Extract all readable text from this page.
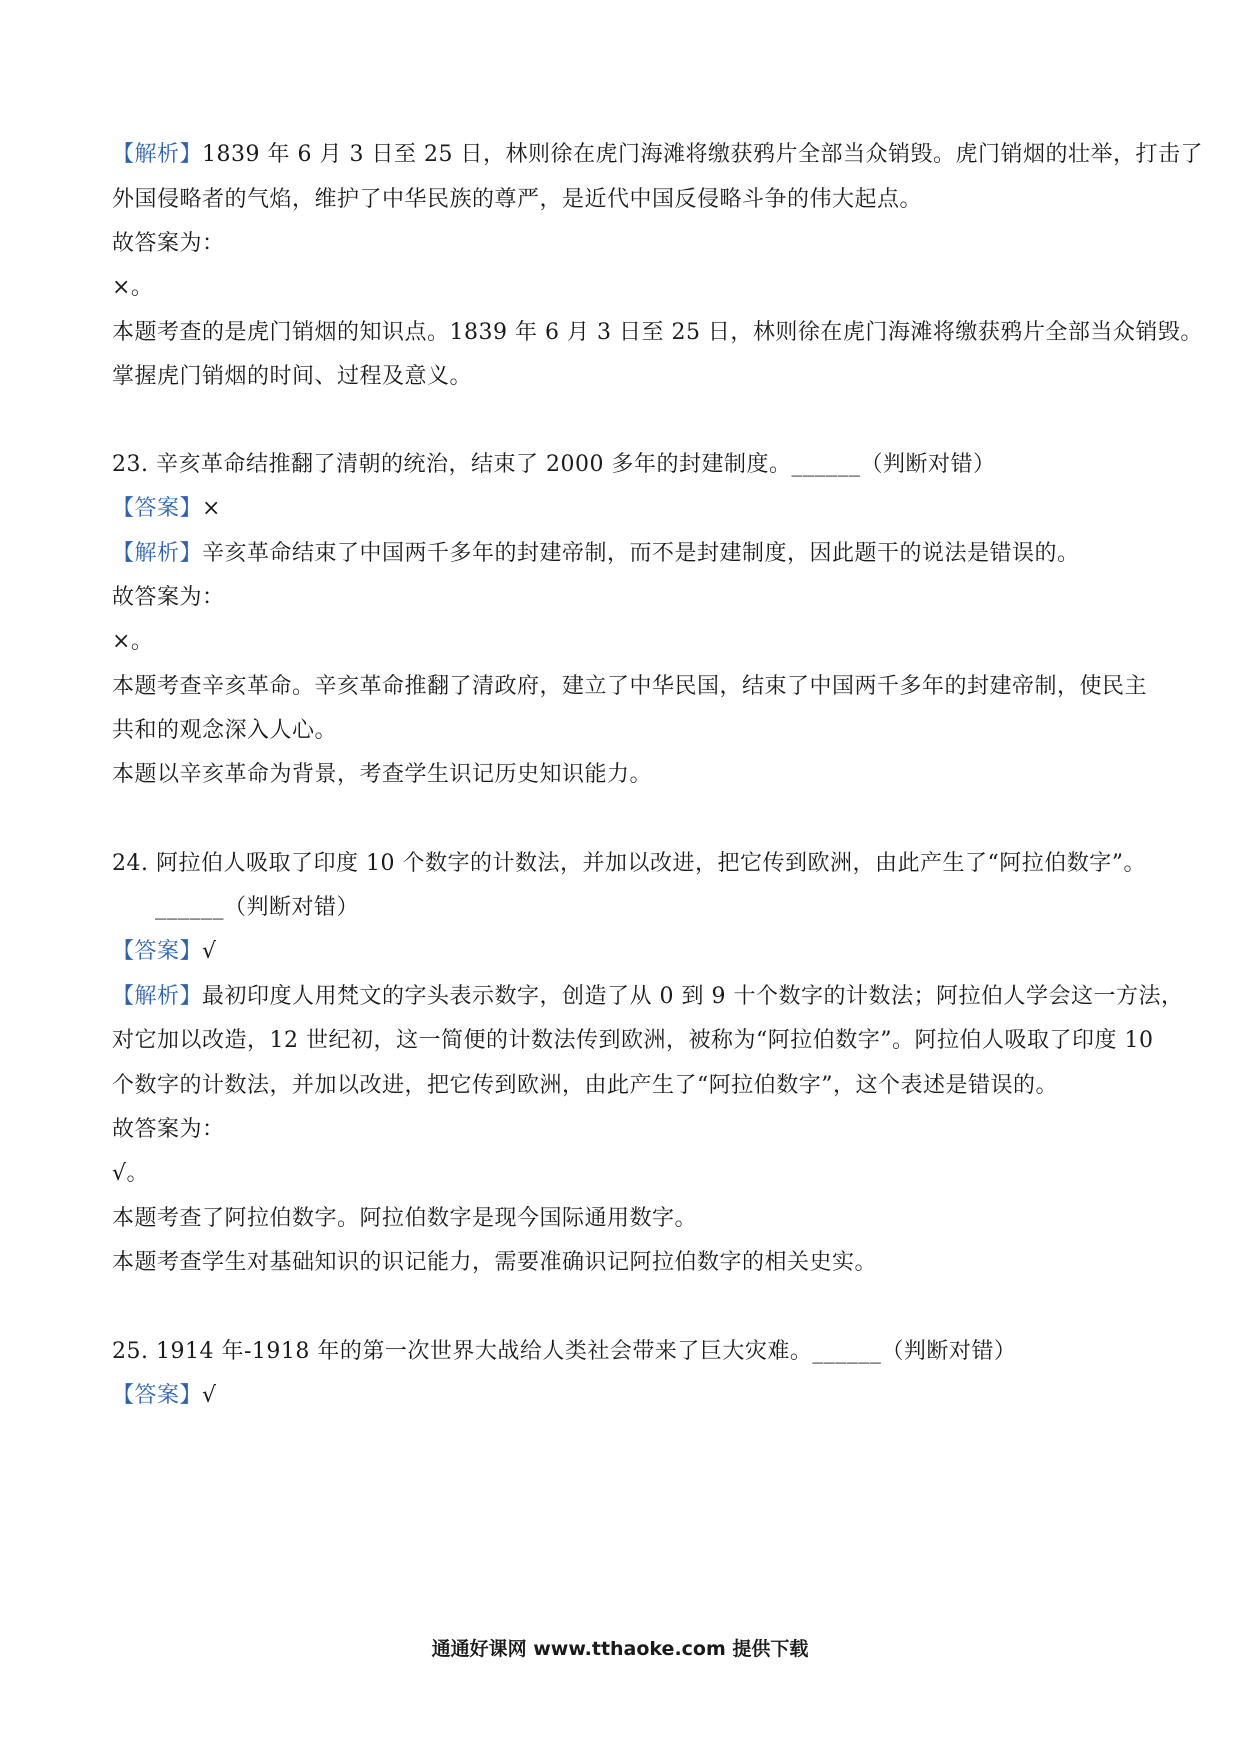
【解析】1839 年 6 月 3 日至 25 日，林则徐在虎门海滩将缴获鸦片全部当众销毁。虎门销烟的壮举，打击了
外国侵略者的气焰，维护了中华民族的尊严，是近代中国反侵略斗争的伟大起点。
故答案为：
×。
本题考查的是虎门销烟的知识点。1839 年 6 月 3 日至 25 日，林则徐在虎门海滩将缴获鸦片全部当众销毁。
掌握虎门销烟的时间、过程及意义。
23. 辛亥革命结推翻了清朝的统治，结束了 2000 多年的封建制度。______（判断对错）
【答案】×
【解析】辛亥革命结束了中国两千多年的封建帝制，而不是封建制度，因此题干的说法是错误的。
故答案为：
×。
本题考查辛亥革命。辛亥革命推翻了清政府，建立了中华民国，结束了中国两千多年的封建帝制，使民主
共和的观念深入人心。
本题以辛亥革命为背景，考查学生识记历史知识能力。
24. 阿拉伯人吸取了印度 10 个数字的计数法，并加以改进，把它传到欧洲，由此产生了“阿拉伯数字”。
______（判断对错）
【答案】√
【解析】最初印度人用梵文的字头表示数字，创造了从 0 到 9 十个数字的计数法；阿拉伯人学会这一方法，
对它加以改造，12 世纪初，这一简便的计数法传到欧洲，被称为“阿拉伯数字”。阿拉伯人吸取了印度 10
个数字的计数法，并加以改进，把它传到欧洲，由此产生了“阿拉伯数字”，这个表述是错误的。
故答案为：
√。
本题考查了阿拉伯数字。阿拉伯数字是现今国际通用数字。
本题考查学生对基础知识的识记能力，需要准确识记阿拉伯数字的相关史实。
25. 1914 年-1918 年的第一次世界大战给人类社会带来了巨大灾难。______（判断对错）
【答案】√
通通好课网 www.tthaoke.com 提供下载
